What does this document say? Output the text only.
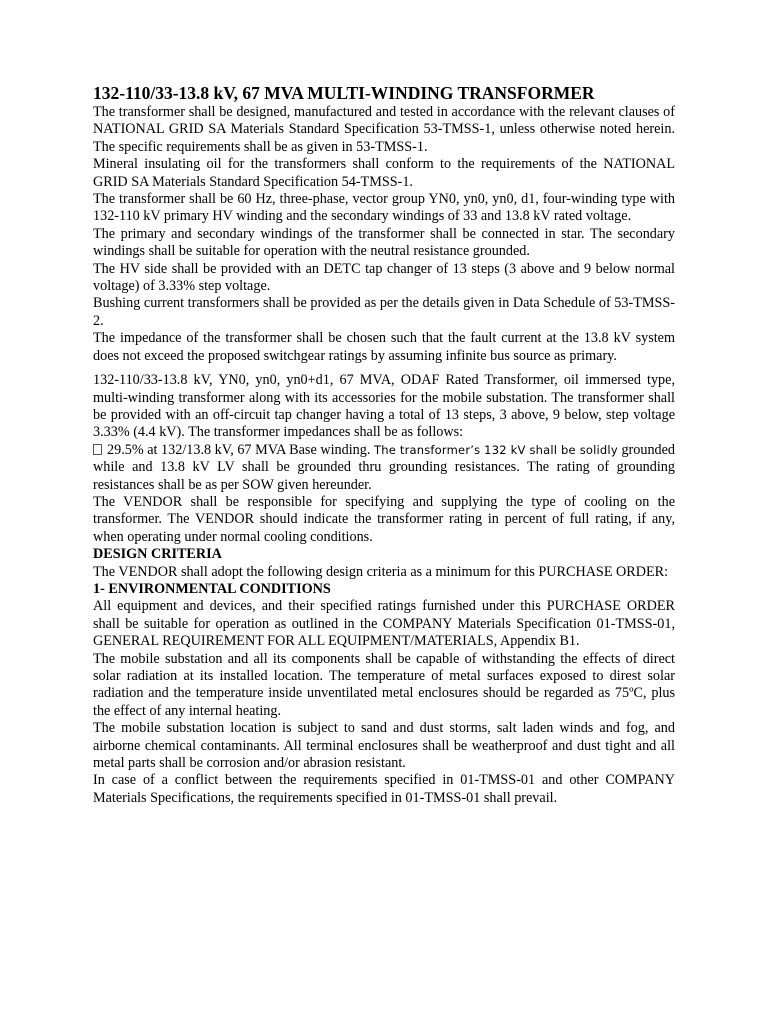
132-110/33-13.8 kV, 67 MVA MULTI-WINDING TRANSFORMER

The transformer shall be designed, manufactured and tested in accordance with the relevant clauses of NATIONAL GRID SA Materials Standard Specification 53-TMSS-1, unless otherwise noted herein. The specific requirements shall be as given in 53-TMSS-1.

Mineral insulating oil for the transformers shall conform to the requirements of the NATIONAL GRID SA Materials Standard Specification 54-TMSS-1.

The transformer shall be 60 Hz, three-phase, vector group YN0, yn0, yn0, d1, four-winding type with 132-110 kV primary HV winding and the secondary windings of 33 and 13.8 kV rated voltage.

The primary and secondary windings of the transformer shall be connected in star. The secondary windings shall be suitable for operation with the neutral resistance grounded.

The HV side shall be provided with an DETC tap changer of 13 steps (3 above and 9 below normal voltage) of 3.33% step voltage.

Bushing current transformers shall be provided as per the details given in Data Schedule of 53-TMSS-2.

The impedance of the transformer shall be chosen such that the fault current at the 13.8 kV system does not exceed the proposed switchgear ratings by assuming infinite bus source as primary.

132-110/33-13.8 kV, YN0, yn0, yn0+d1, 67 MVA, ODAF Rated Transformer, oil immersed type, multi-winding transformer along with its accessories for the mobile substation. The transformer shall be provided with an off-circuit tap changer having a total of 13 steps, 3 above, 9 below, step voltage 3.33% (4.4 kV). The transformer impedances shall be as follows:

29.5% at 132/13.8 kV, 67 MVA Base winding. The transformer’s 132 kV shall be solidly grounded while and 13.8 kV LV shall be grounded thru grounding resistances. The rating of grounding resistances shall be as per SOW given hereunder.

The VENDOR shall be responsible for specifying and supplying the type of cooling on the transformer. The VENDOR should indicate the transformer rating in percent of full rating, if any, when operating under normal cooling conditions.

DESIGN CRITERIA

The VENDOR shall adopt the following design criteria as a minimum for this PURCHASE ORDER:

1- ENVIRONMENTAL CONDITIONS

All equipment and devices, and their specified ratings furnished under this PURCHASE ORDER shall be suitable for operation as outlined in the COMPANY Materials Specification 01-TMSS-01, GENERAL REQUIREMENT FOR ALL EQUIPMENT/MATERIALS, Appendix B1.

The mobile substation and all its components shall be capable of withstanding the effects of direct solar radiation at its installed location. The temperature of metal surfaces exposed to direst solar radiation and the temperature inside unventilated metal enclosures should be regarded as 75ºC, plus the effect of any internal heating.

The mobile substation location is subject to sand and dust storms, salt laden winds and fog, and airborne chemical contaminants. All terminal enclosures shall be weatherproof and dust tight and all metal parts shall be corrosion and/or abrasion resistant.

In case of a conflict between the requirements specified in 01-TMSS-01 and other COMPANY Materials Specifications, the requirements specified in 01-TMSS-01 shall prevail.
